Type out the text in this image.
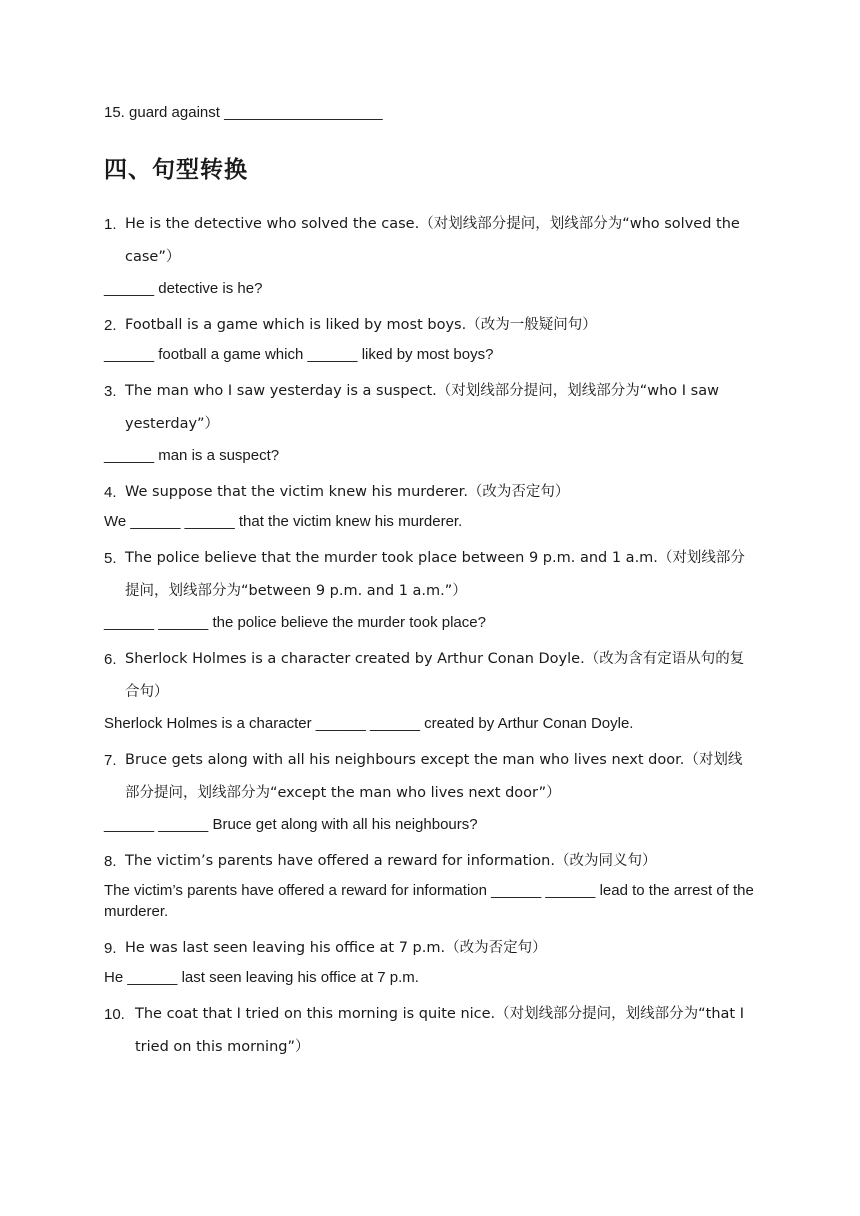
15. guard against ___________________
四、句型转换
1. He is the detective who solved the case.（对划线部分提问，划线部分为“who solved the case”）
______ detective is he?
2. Football is a game which is liked by most boys.（改为一般疑问句）
______ football a game which ______ liked by most boys?
3. The man who I saw yesterday is a suspect.（对划线部分提问，划线部分为“who I saw yesterday”）
______ man is a suspect?
4. We suppose that the victim knew his murderer.（改为否定句）
We ______ ______ that the victim knew his murderer.
5. The police believe that the murder took place between 9 p.m. and 1 a.m.（对划线部分提问，划线部分为“between 9 p.m. and 1 a.m.”）
______ ______ the police believe the murder took place?
6. Sherlock Holmes is a character created by Arthur Conan Doyle.（改为含有定语从句的复合句）
Sherlock Holmes is a character ______ ______ created by Arthur Conan Doyle.
7. Bruce gets along with all his neighbours except the man who lives next door.（对划线部分提问，划线部分为“except the man who lives next door”）
______ ______ Bruce get along with all his neighbours?
8. The victim’s parents have offered a reward for information.（改为同义句）
The victim’s parents have offered a reward for information ______ ______ lead to the arrest of the murderer.
9. He was last seen leaving his office at 7 p.m.（改为否定句）
He ______ last seen leaving his office at 7 p.m.
10. The coat that I tried on this morning is quite nice.（对划线部分提问，划线部分为“that I tried on this morning”）
